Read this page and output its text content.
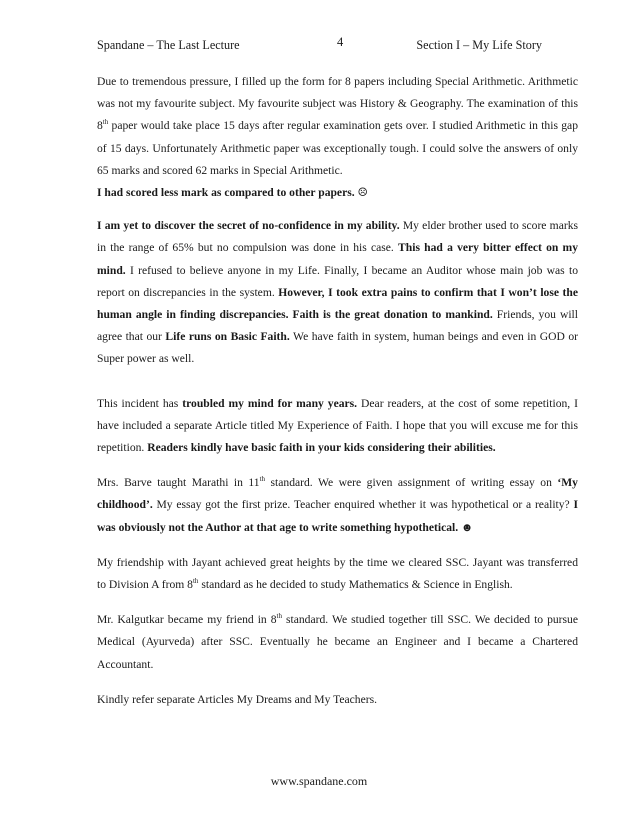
Spandane – The Last Lecture	4	Section I – My Life Story

Due to tremendous pressure, I filled up the form for 8 papers including Special Arithmetic. Arithmetic was not my favourite subject. My favourite subject was History & Geography. The examination of this 8th paper would take place 15 days after regular examination gets over. I studied Arithmetic in this gap of 15 days. Unfortunately Arithmetic paper was exceptionally tough. I could solve the answers of only 65 marks and scored 62 marks in Special Arithmetic.
I had scored less mark as compared to other papers. ☹

I am yet to discover the secret of no-confidence in my ability. My elder brother used to score marks in the range of 65% but no compulsion was done in his case. This had a very bitter effect on my mind. I refused to believe anyone in my Life. Finally, I became an Auditor whose main job was to report on discrepancies in the system. However, I took extra pains to confirm that I won’t lose the human angle in finding discrepancies. Faith is the great donation to mankind. Friends, you will agree that our Life runs on Basic Faith. We have faith in system, human beings and even in GOD or Super power as well.

This incident has troubled my mind for many years. Dear readers, at the cost of some repetition, I have included a separate Article titled My Experience of Faith. I hope that you will excuse me for this repetition. Readers kindly have basic faith in your kids considering their abilities.

Mrs. Barve taught Marathi in 11th standard. We were given assignment of writing essay on ‘My childhood’. My essay got the first prize. Teacher enquired whether it was hypothetical or a reality? I was obviously not the Author at that age to write something hypothetical. ☻

My friendship with Jayant achieved great heights by the time we cleared SSC. Jayant was transferred to Division A from 8th standard as he decided to study Mathematics & Science in English.

Mr. Kalgutkar became my friend in 8th standard. We studied together till SSC. We decided to pursue Medical (Ayurveda) after SSC. Eventually he became an Engineer and I became a Chartered Accountant.

Kindly refer separate Articles My Dreams and My Teachers.

www.spandane.com
